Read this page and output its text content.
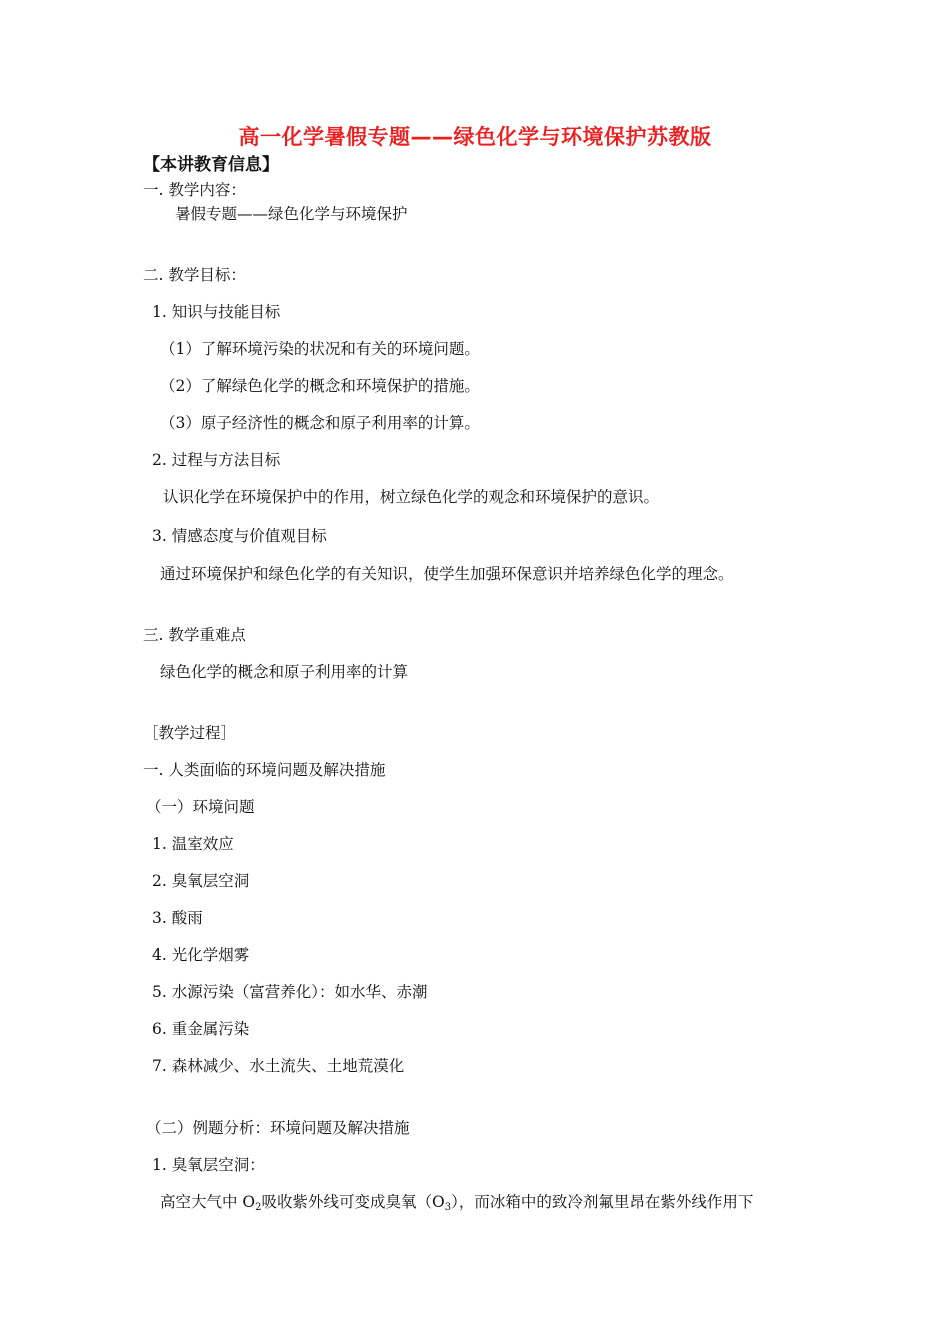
高一化学暑假专题——绿色化学与环境保护苏教版
【本讲教育信息】
一. 教学内容：
暑假专题——绿色化学与环境保护
二. 教学目标：
1. 知识与技能目标
（1）了解环境污染的状况和有关的环境问题。
（2）了解绿色化学的概念和环境保护的措施。
（3）原子经济性的概念和原子利用率的计算。
2. 过程与方法目标
认识化学在环境保护中的作用，树立绿色化学的观念和环境保护的意识。
3. 情感态度与价值观目标
通过环境保护和绿色化学的有关知识，使学生加强环保意识并培养绿色化学的理念。
三. 教学重难点
绿色化学的概念和原子利用率的计算
［教学过程］
一. 人类面临的环境问题及解决措施
（一）环境问题
1. 温室效应
2. 臭氧层空洞
3. 酸雨
4. 光化学烟雾
5. 水源污染（富营养化）：如水华、赤潮
6. 重金属污染
7. 森林减少、水土流失、土地荒漠化
（二）例题分析：环境问题及解决措施
1. 臭氧层空洞：
高空大气中 $O_2$吸收紫外线可变成臭氧$(O_3)$，而冰箱中的致冷剂氟里昂在紫外线作用下
